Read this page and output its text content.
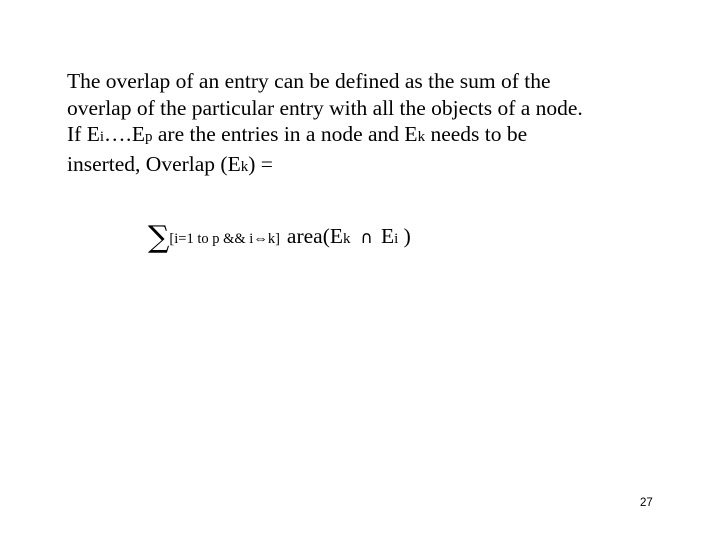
The overlap of an entry can be defined as the sum of the
overlap of the particular entry with all the objects of a node.
If Ei….Ep are the entries in a node and Ek needs to be
inserted, Overlap (Ek) =
∑[i=1 to p && i⇔k] area(Ek ∩ Ei )
27
